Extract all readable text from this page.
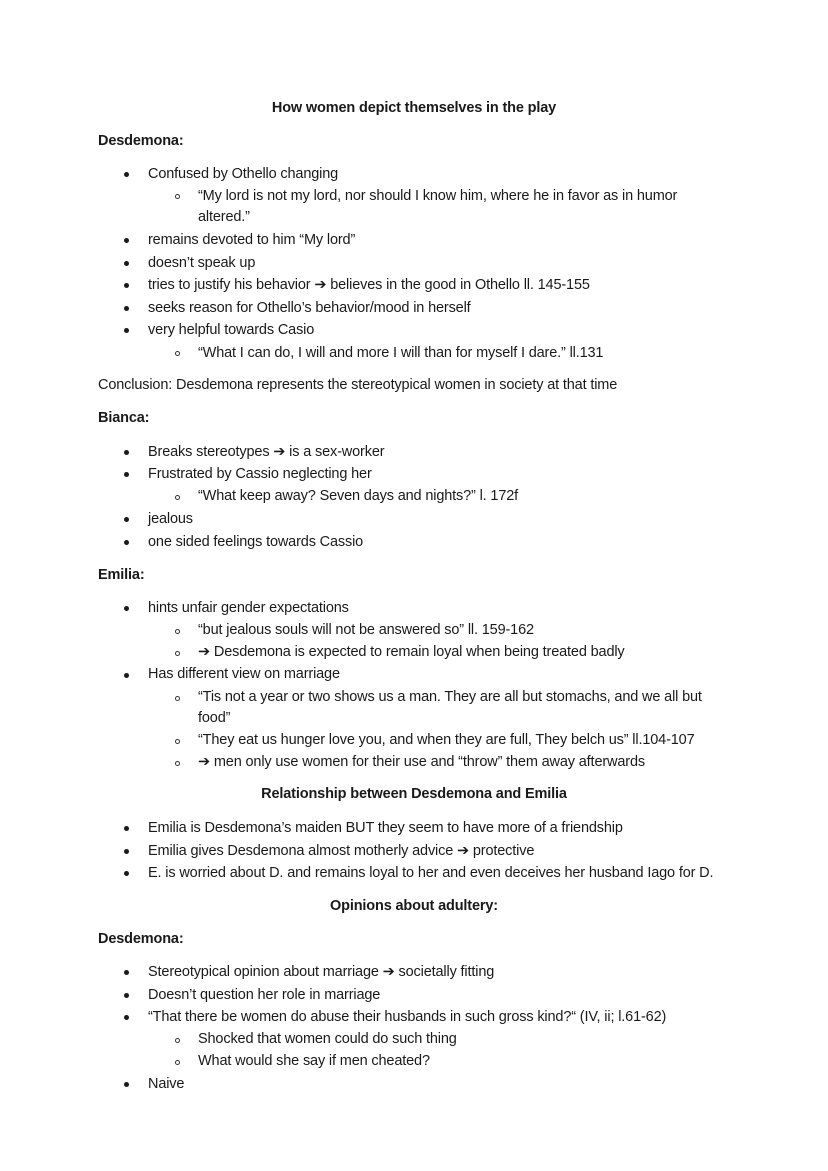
How women depict themselves in the play
Desdemona:
Confused by Othello changing
“My lord is not my lord, nor should I know him, where he in favor as in humor
altered.”
remains devoted to him “My lord”
doesn’t speak up
tries to justify his behavior ➔ believes in the good in Othello ll. 145-155
seeks reason for Othello’s behavior/mood in herself
very helpful towards Casio
“What I can do, I will and more I will than for myself I dare.” ll.131
Conclusion: Desdemona represents the stereotypical women in society at that time
Bianca:
Breaks stereotypes ➔ is a sex-worker
Frustrated by Cassio neglecting her
“What keep away? Seven days and nights?” l. 172f
jealous
one sided feelings towards Cassio
Emilia:
hints unfair gender expectations
“but jealous souls will not be answered so” ll. 159-162
➔ Desdemona is expected to remain loyal when being treated badly
Has different view on marriage
“Tis not a year or two shows us a man. They are all but stomachs, and we all but
food”
“They eat us hunger love you, and when they are full, They belch us” ll.104-107
➔ men only use women for their use and “throw” them away afterwards
Relationship between Desdemona and Emilia
Emilia is Desdemona’s maiden BUT they seem to have more of a friendship
Emilia gives Desdemona almost motherly advice ➔ protective
E. is worried about D. and remains loyal to her and even deceives her husband Iago for D.
Opinions about adultery:
Desdemona:
Stereotypical opinion about marriage ➔ societally fitting
Doesn’t question her role in marriage
“That there be women do abuse their husbands in such gross kind?“ (IV, ii; l.61-62)
Shocked that women could do such thing
What would she say if men cheated?
Naive
